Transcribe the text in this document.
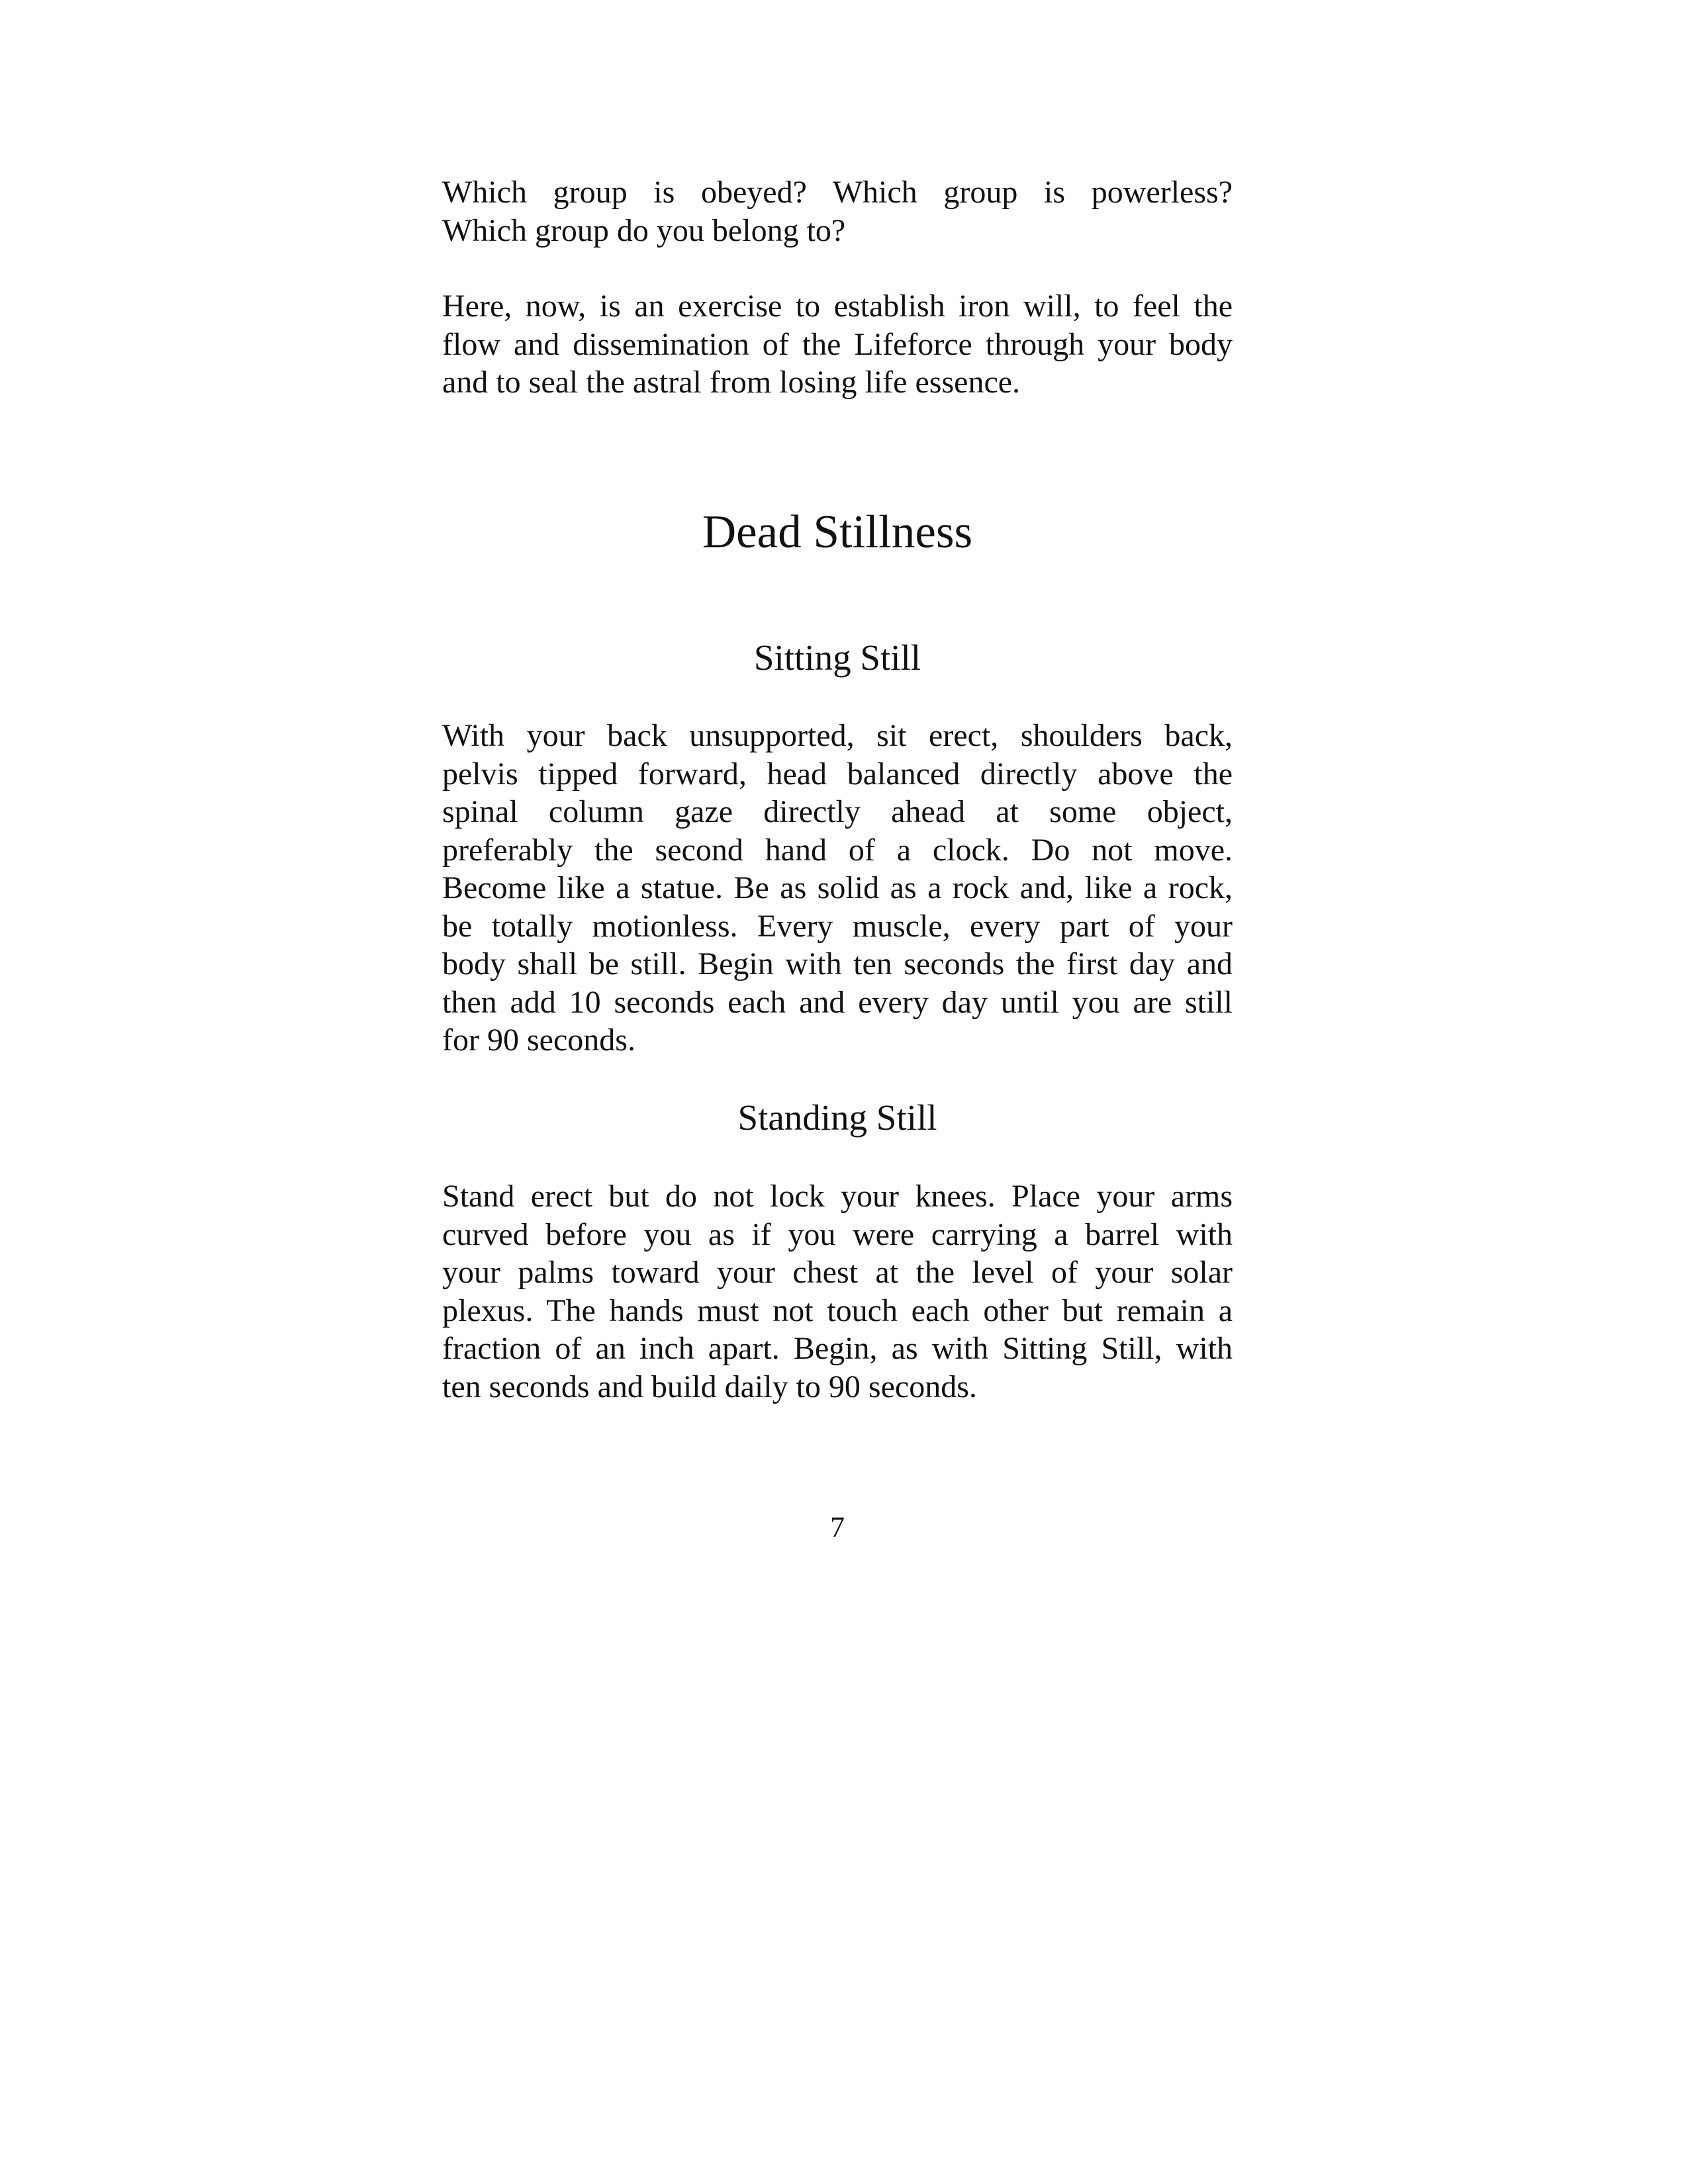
Which group is obeyed? Which group is powerless?
Which group do you belong to?

Here, now, is an exercise to establish iron will, to feel the
flow and dissemination of the Lifeforce through your body
and to seal the astral from losing life essence.

Dead Stillness
Sitting Still

With your back unsupported, sit erect, shoulders back,
pelvis tipped forward, head balanced directly above the
spinal column gaze directly ahead at some object,
preferably the second hand of a clock. Do not move.
Become like a statue. Be as solid as a rock and, like a rock,
be totally motionless. Every muscle, every part of your
body shall be still. Begin with ten seconds the first day and
then add 10 seconds each and every day until you are still
for 90 seconds.

Standing Still

Stand erect but do not lock your knees. Place your arms
curved before you as if you were carrying a barrel with
your palms toward your chest at the level of your solar
plexus. The hands must not touch each other but remain a
fraction of an inch apart. Begin, as with Sitting Still, with
ten seconds and build daily to 90 seconds.

7
